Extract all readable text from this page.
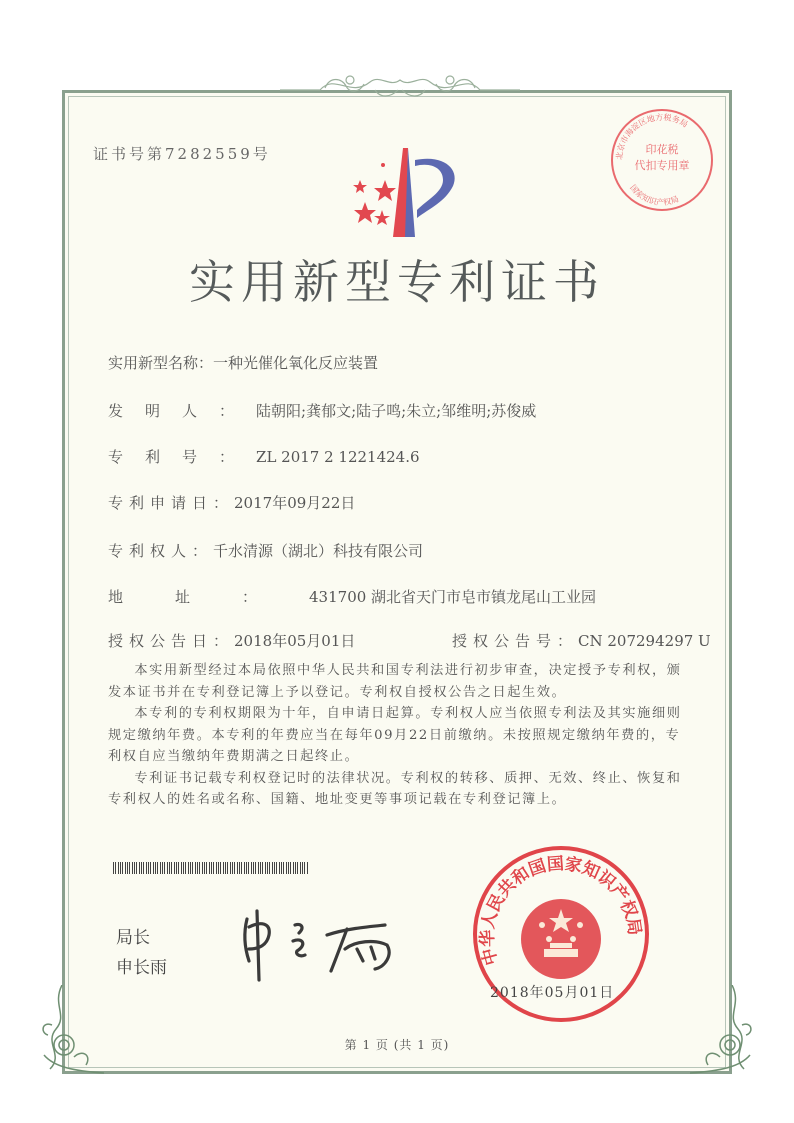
证书号第7282559号	印花税
代扣专用章
北京市海淀区地方税务局
国家知识产权局
实用新型专利证书
实用新型名称：一种光催化氧化反应装置
发明人：陆朝阳;龚郁文;陆子鸣;朱立;邹维明;苏俊威
专利号：ZL 2017 2 1221424.6
专利申请日：2017年09月22日
专利权人：千水清源（湖北）科技有限公司
地址：431700 湖北省天门市皂市镇龙尾山工业园
授权公告日：2018年05月01日	授权公告号：CN 207294297 U

本实用新型经过本局依照中华人民共和国专利法进行初步审查，决定授予专利权，颁发本证书并在专利登记簿上予以登记。专利权自授权公告之日起生效。

本专利的专利权期限为十年，自申请日起算。专利权人应当依照专利法及其实施细则规定缴纳年费。本专利的年费应当在每年09月22日前缴纳。未按照规定缴纳年费的，专利权自应当缴纳年费期满之日起终止。

专利证书记载专利权登记时的法律状况。专利权的转移、质押、无效、终止、恢复和专利权人的姓名或名称、国籍、地址变更等事项记载在专利登记簿上。

局长
申长雨
中华人民共和国国家知识产权局
2018年05月01日
第 1 页 (共 1 页)
